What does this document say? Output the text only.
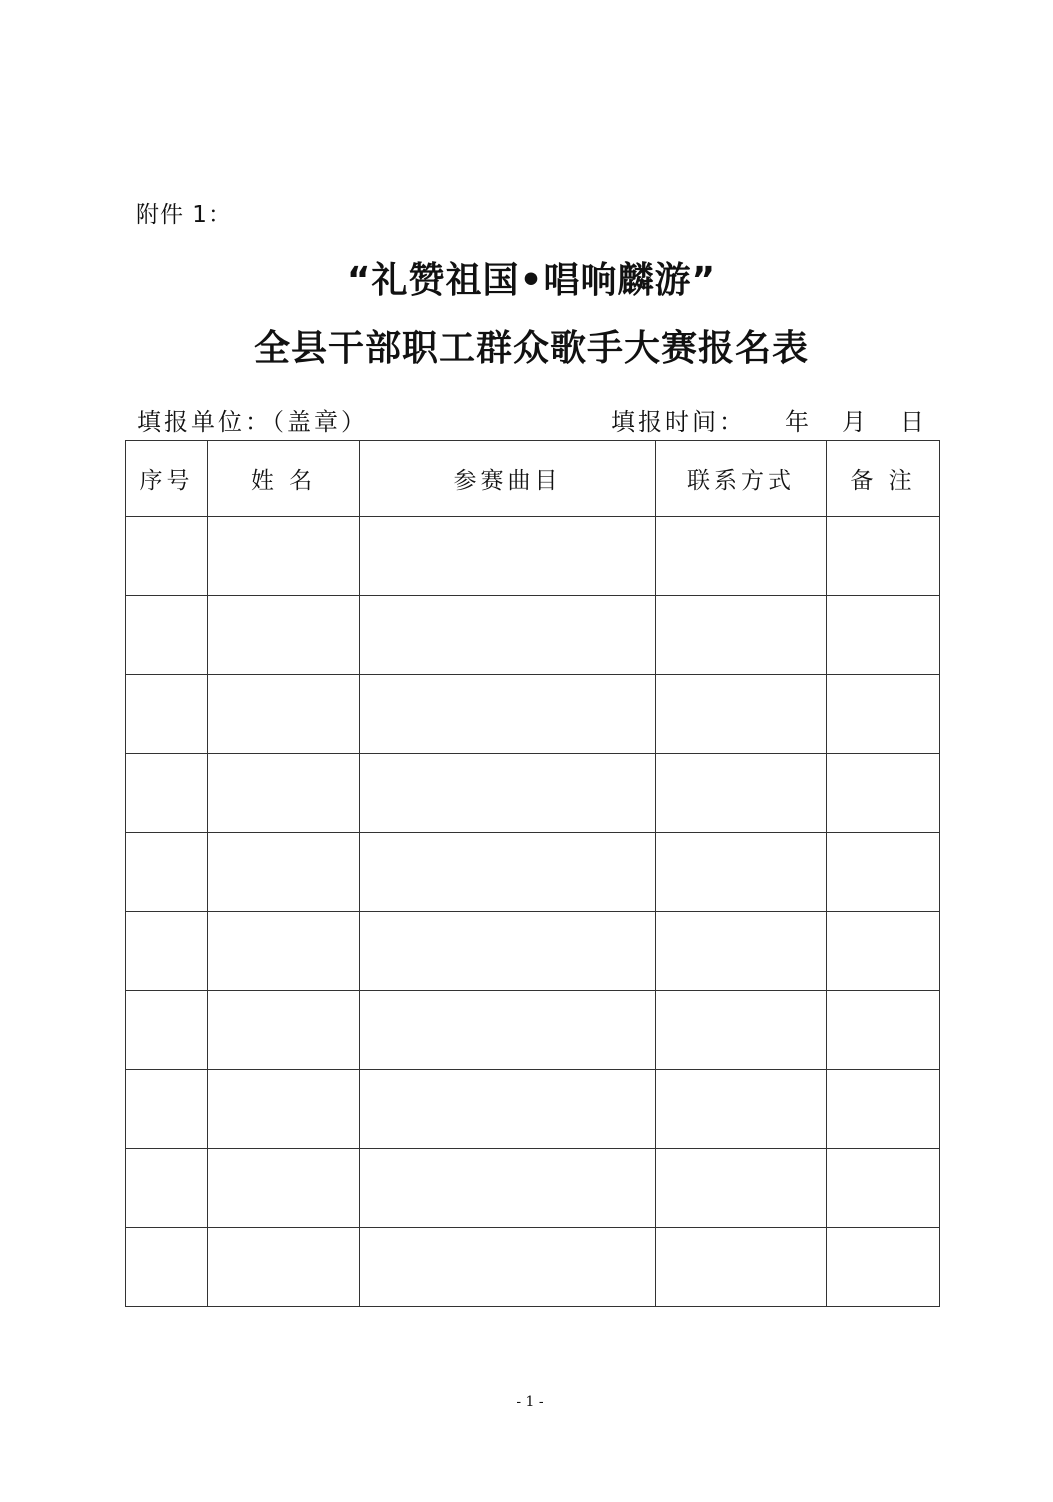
附件 1：
“礼赞祖国•唱响麟游”
全县干部职工群众歌手大赛报名表
填报单位：（盖章）	填报时间： 年 月 日
序号	姓 名	参赛曲目	联系方式	备 注

- 1 -
